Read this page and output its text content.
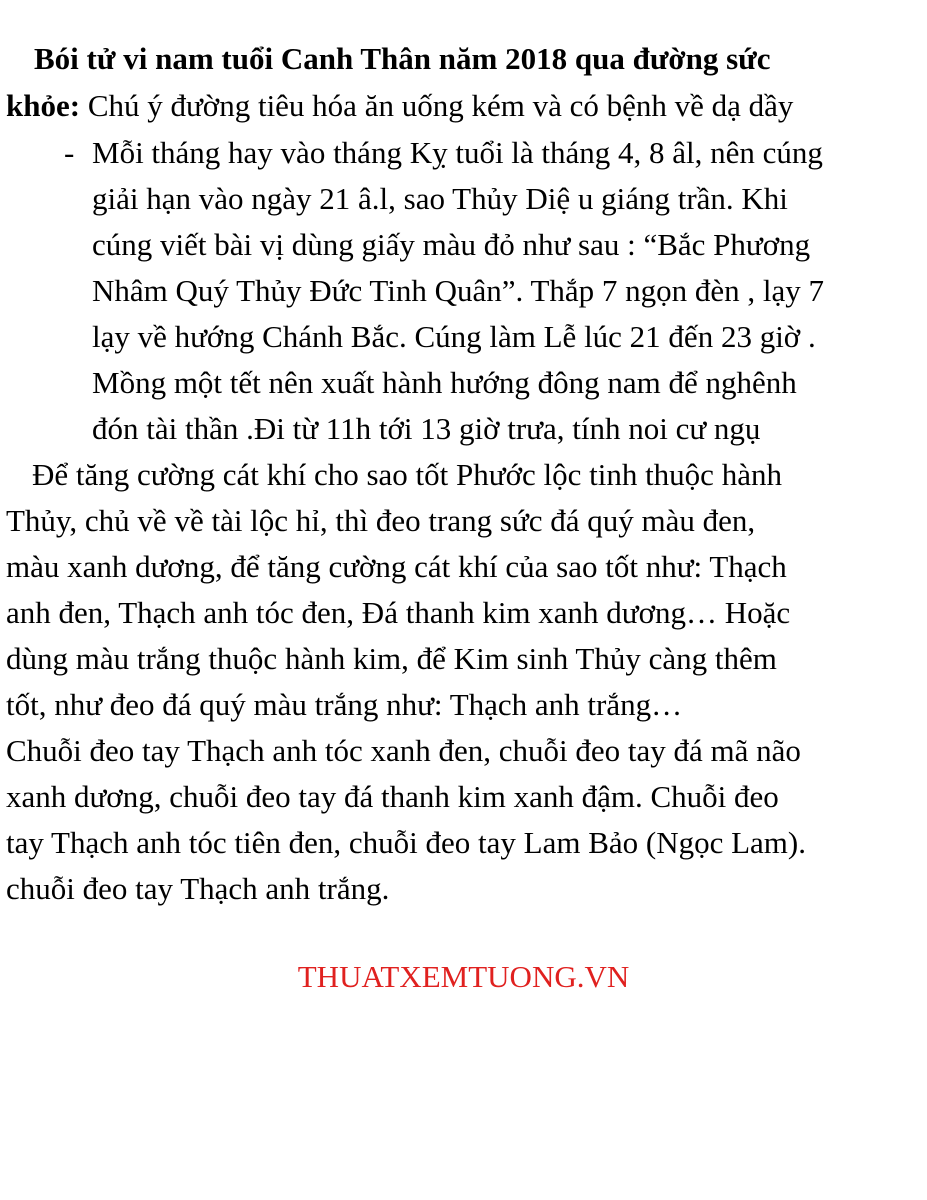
Bói tử vi nam tuổi Canh Thân năm 2018 qua đường sức
khỏe: Chú ý đường tiêu hóa ăn uống kém và có bệnh về dạ dầy
- Mỗi tháng hay vào tháng Kỵ tuổi là tháng 4, 8 âl, nên cúng
giải hạn vào ngày 21 â.l, sao Thủy Diệ u giáng trần. Khi
cúng viết bài vị dùng giấy màu đỏ như sau : “Bắc Phương
Nhâm Quý Thủy Đức Tinh Quân”. Thắp 7 ngọn đèn , lạy 7
lạy về hướng Chánh Bắc. Cúng làm Lễ lúc 21 đến 23 giờ .
Mồng một tết nên xuất hành hướng đông nam để nghênh
đón tài thần .Đi từ 11h tới 13 giờ trưa, tính noi cư ngụ
Để tăng cường cát khí cho sao tốt Phước lộc tinh thuộc hành
Thủy, chủ về về tài lộc hỉ, thì đeo trang sức đá quý màu đen,
màu xanh dương, để tăng cường cát khí của sao tốt như: Thạch
anh đen, Thạch anh tóc đen, Đá thanh kim xanh dương… Hoặc
dùng màu trắng thuộc hành kim, để Kim sinh Thủy càng thêm
tốt, như đeo đá quý màu trắng như: Thạch anh trắng…
Chuỗi đeo tay Thạch anh tóc xanh đen, chuỗi đeo tay đá mã não
xanh dương, chuỗi đeo tay đá thanh kim xanh đậm. Chuỗi đeo
tay Thạch anh tóc tiên đen, chuỗi đeo tay Lam Bảo (Ngọc Lam).
chuỗi đeo tay Thạch anh trắng.
THUATXEMTUONG.VN
